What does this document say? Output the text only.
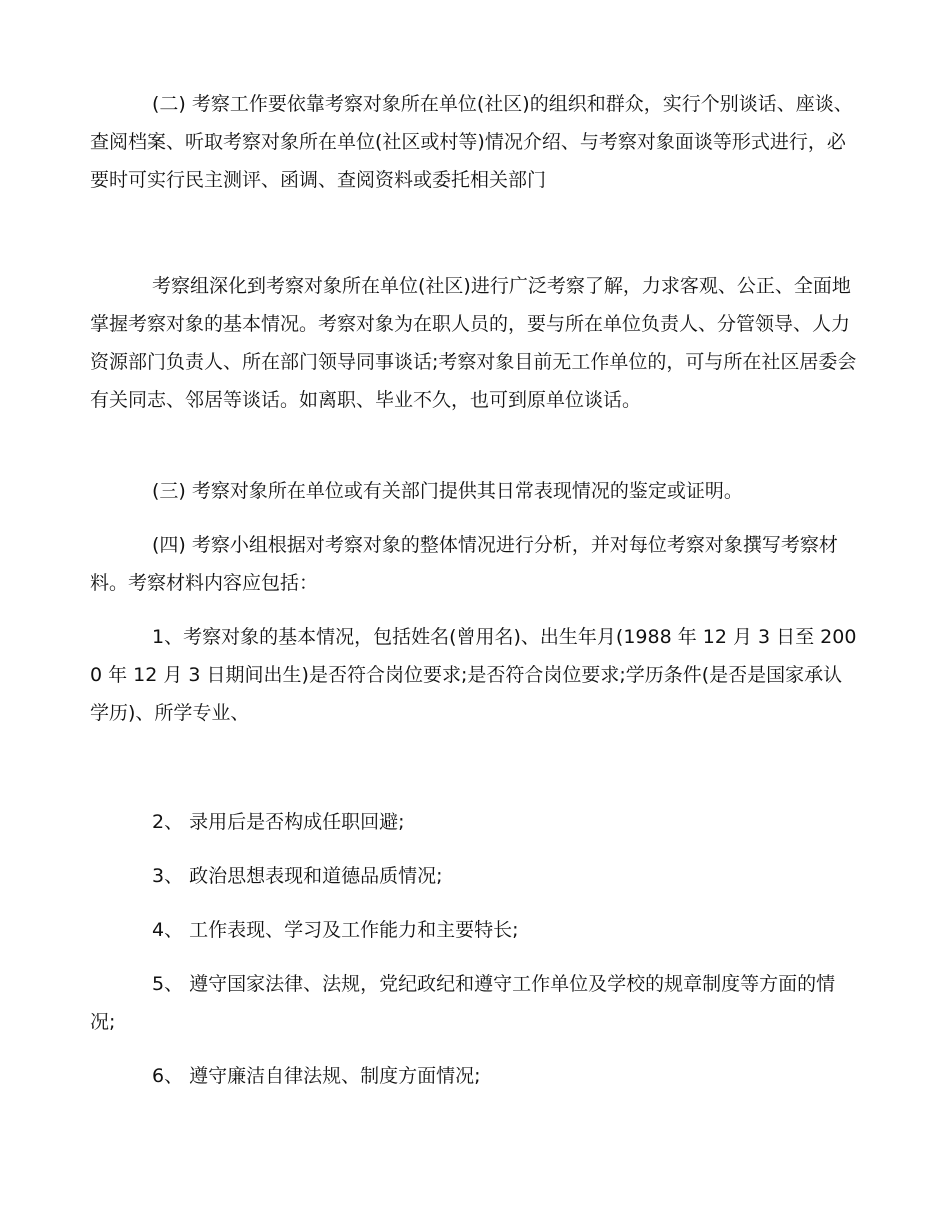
(二) 考察工作要依靠考察对象所在单位(社区)的组织和群众，实行个别谈话、座谈、查阅档案、听取考察对象所在单位(社区或村等)情况介绍、与考察对象面谈等形式进行，必要时可实行民主测评、函调、查阅资料或委托相关部门

考察组深化到考察对象所在单位(社区)进行广泛考察了解，力求客观、公正、全面地掌握考察对象的基本情况。考察对象为在职人员的，要与所在单位负责人、分管领导、人力资源部门负责人、所在部门领导同事谈话;考察对象目前无工作单位的，可与所在社区居委会有关同志、邻居等谈话。如离职、毕业不久，也可到原单位谈话。

(三) 考察对象所在单位或有关部门提供其日常表现情况的鉴定或证明。

(四) 考察小组根据对考察对象的整体情况进行分析，并对每位考察对象撰写考察材料。考察材料内容应包括：

1、考察对象的基本情况，包括姓名(曾用名)、出生年月(1988 年 12 月 3 日至 2000 年 12 月 3 日期间出生)是否符合岗位要求;是否符合岗位要求;学历条件(是否是国家承认学历)、所学专业、

2、 录用后是否构成任职回避;

3、 政治思想表现和道德品质情况;

4、 工作表现、学习及工作能力和主要特长;

5、 遵守国家法律、法规，党纪政纪和遵守工作单位及学校的规章制度等方面的情况;

6、 遵守廉洁自律法规、制度方面情况;
